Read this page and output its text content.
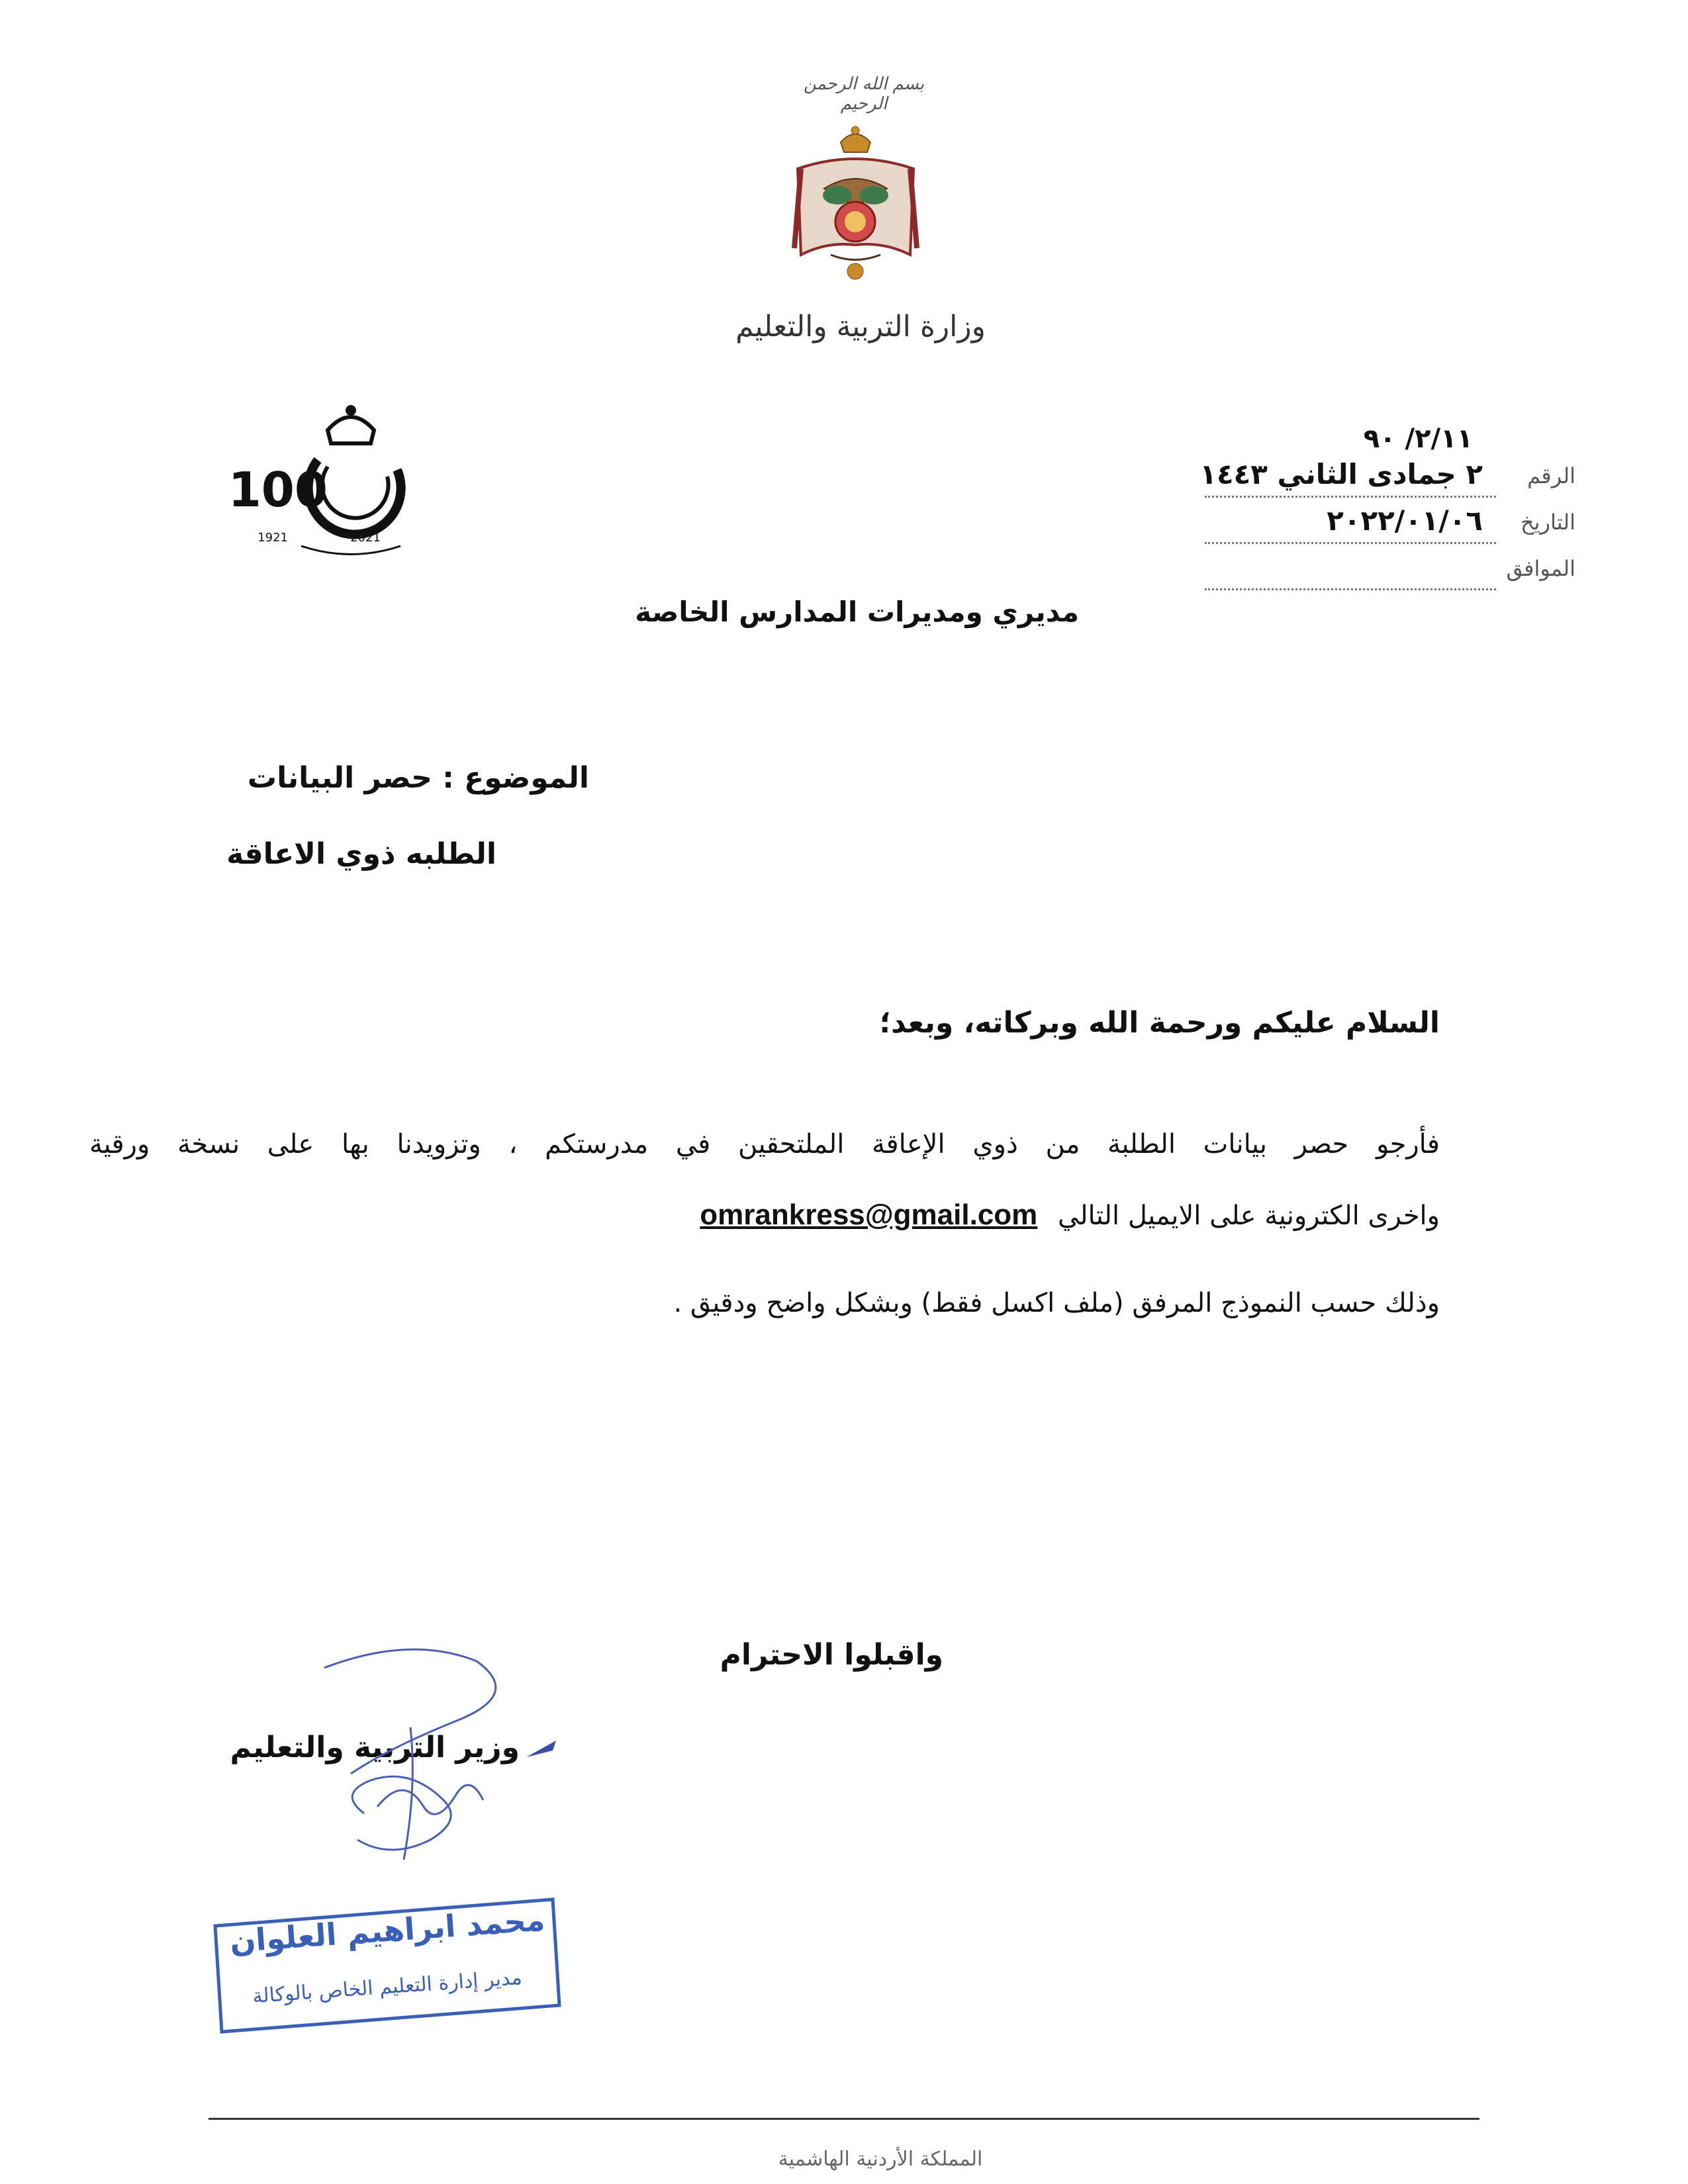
بسم الله الرحمن الرحيم
وزارة التربية والتعليم
100
1921	2021
٢/١١/ ٩٠
الرقم
٢ جمادى الثاني ١٤٤٣
التاريخ
٢٠٢٢/٠١/٠٦
الموافق
مديري ومديرات المدارس الخاصة
الموضوع : حصر البيانات
الطلبه ذوي الاعاقة
السلام عليكم ورحمة الله وبركاته، وبعد؛
فأرجو حصر بيانات الطلبة من ذوي الإعاقة الملتحقين في مدرستكم ، وتزويدنا بها على نسخة ورقية
واخرى الكترونية على الايميل التالي omrankress@gmail.com
وذلك حسب النموذج المرفق (ملف اكسل فقط) وبشكل واضح ودقيق .
واقبلوا الاحترام
وزير التربية والتعليم
محمد ابراهيم العلوان
مدير إدارة التعليم الخاص بالوكالة
المملكة الأردنية الهاشمية
